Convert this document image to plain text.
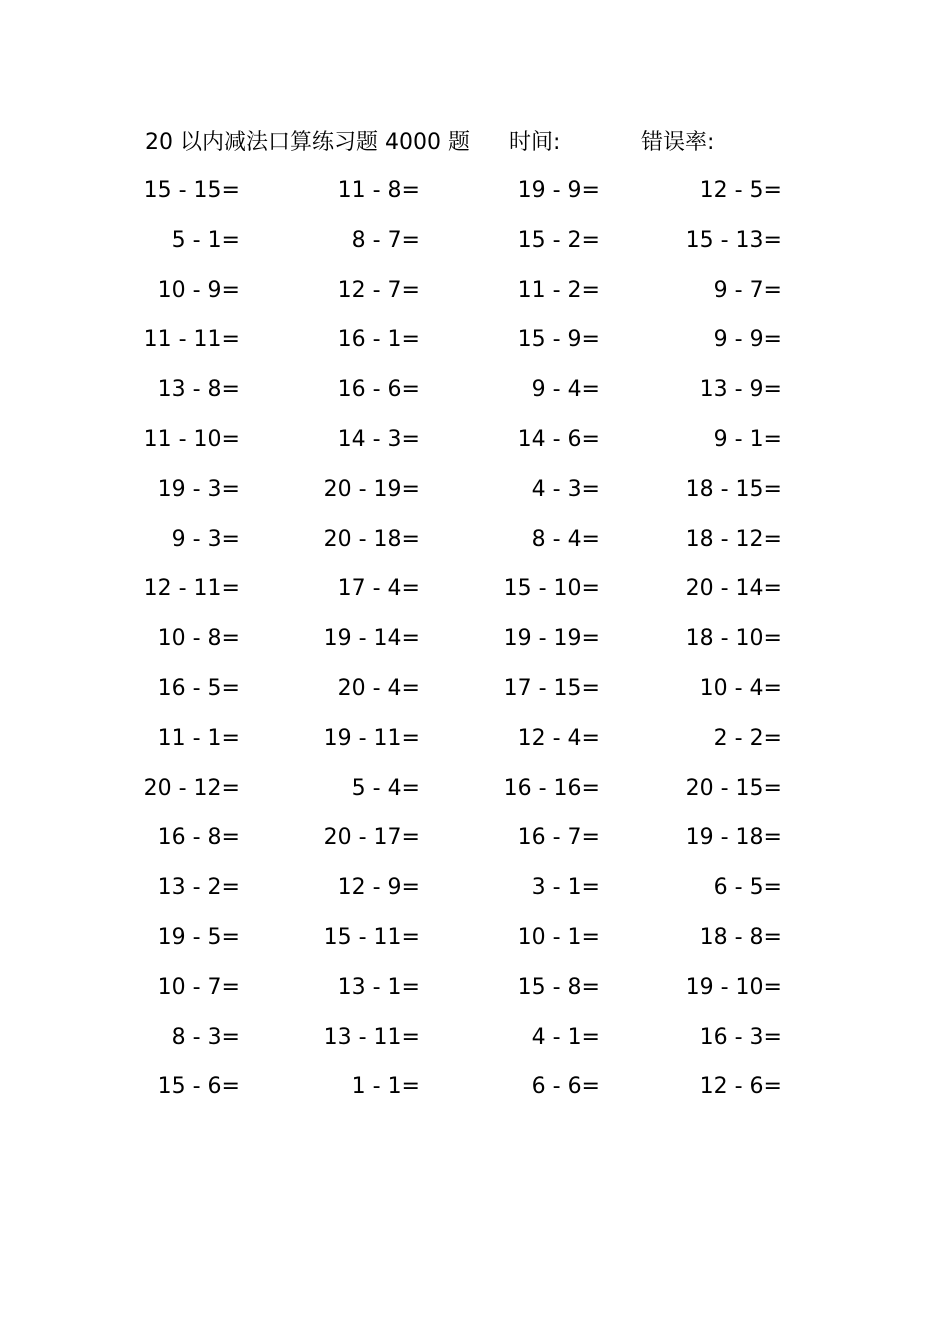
20 以内减法口算练习题 4000 题 时间:	错误率:
15 - 15=	11 - 8=	19 - 9=	12 - 5=
5 - 1=	8 - 7=	15 - 2=	15 - 13=
10 - 9=	12 - 7=	11 - 2=	9 - 7=
11 - 11=	16 - 1=	15 - 9=	9 - 9=
13 - 8=	16 - 6=	9 - 4=	13 - 9=
11 - 10=	14 - 3=	14 - 6=	9 - 1=
19 - 3=	20 - 19=	4 - 3=	18 - 15=
9 - 3=	20 - 18=	8 - 4=	18 - 12=
12 - 11=	17 - 4=	15 - 10=	20 - 14=
10 - 8=	19 - 14=	19 - 19=	18 - 10=
16 - 5=	20 - 4=	17 - 15=	10 - 4=
11 - 1=	19 - 11=	12 - 4=	2 - 2=
20 - 12=	5 - 4=	16 - 16=	20 - 15=
16 - 8=	20 - 17=	16 - 7=	19 - 18=
13 - 2=	12 - 9=	3 - 1=	6 - 5=
19 - 5=	15 - 11=	10 - 1=	18 - 8=
10 - 7=	13 - 1=	15 - 8=	19 - 10=
8 - 3=	13 - 11=	4 - 1=	16 - 3=
15 - 6=	1 - 1=	6 - 6=	12 - 6=
